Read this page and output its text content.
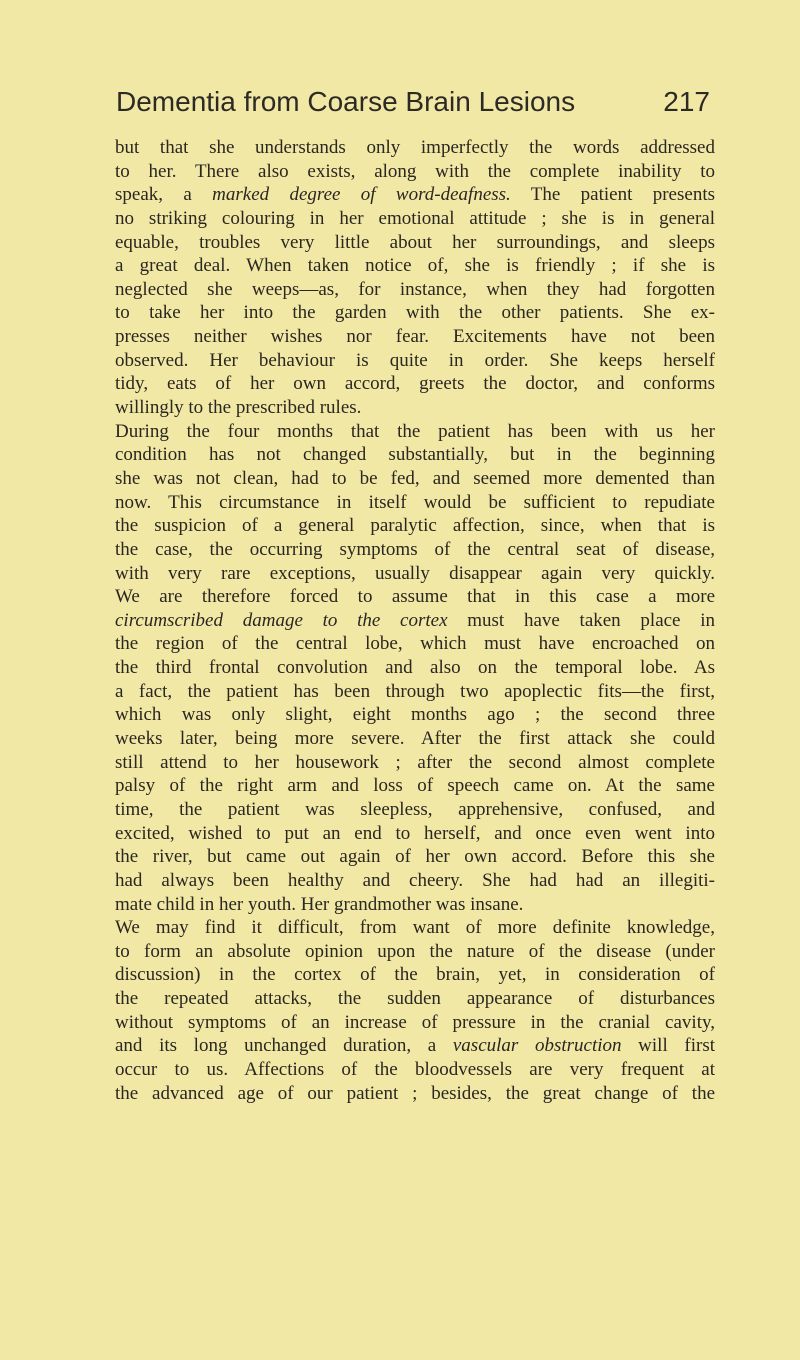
Dementia from Coarse Brain Lesions	217
but that she understands only imperfectly the words addressed
to her. There also exists, along with the complete inability to
speak, a marked degree of word-deafness. The patient presents
no striking colouring in her emotional attitude ; she is in general
equable, troubles very little about her surroundings, and sleeps
a great deal. When taken notice of, she is friendly ; if she is
neglected she weeps—as, for instance, when they had forgotten
to take her into the garden with the other patients. She ex-
presses neither wishes nor fear. Excitements have not been
observed. Her behaviour is quite in order. She keeps herself
tidy, eats of her own accord, greets the doctor, and conforms
willingly to the prescribed rules.
During the four months that the patient has been with us her
condition has not changed substantially, but in the beginning
she was not clean, had to be fed, and seemed more demented than
now. This circumstance in itself would be sufficient to repudiate
the suspicion of a general paralytic affection, since, when that is
the case, the occurring symptoms of the central seat of disease,
with very rare exceptions, usually disappear again very quickly.
We are therefore forced to assume that in this case a more
circumscribed damage to the cortex must have taken place in
the region of the central lobe, which must have encroached on
the third frontal convolution and also on the temporal lobe. As
a fact, the patient has been through two apoplectic fits—the first,
which was only slight, eight months ago ; the second three
weeks later, being more severe. After the first attack she could
still attend to her housework ; after the second almost complete
palsy of the right arm and loss of speech came on. At the same
time, the patient was sleepless, apprehensive, confused, and
excited, wished to put an end to herself, and once even went into
the river, but came out again of her own accord. Before this she
had always been healthy and cheery. She had had an illegiti-
mate child in her youth. Her grandmother was insane.
We may find it difficult, from want of more definite knowledge,
to form an absolute opinion upon the nature of the disease (under
discussion) in the cortex of the brain, yet, in consideration of
the repeated attacks, the sudden appearance of disturbances
without symptoms of an increase of pressure in the cranial cavity,
and its long unchanged duration, a vascular obstruction will first
occur to us. Affections of the bloodvessels are very frequent at
the advanced age of our patient ; besides, the great change of the
